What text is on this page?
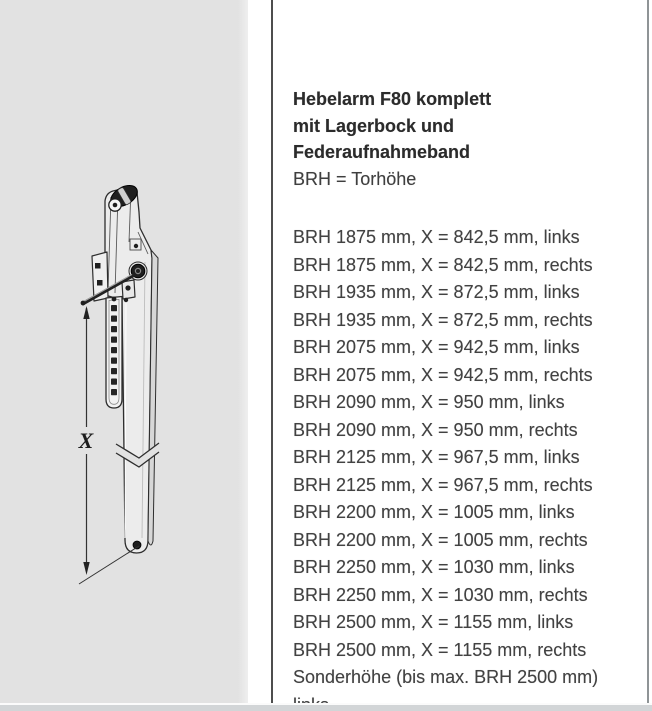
X
Hebelarm F80 komplett
mit Lagerbock und
Federaufnahmeband
BRH = Torhöhe
BRH 1875 mm, X = 842,5 mm, links
BRH 1875 mm, X = 842,5 mm, rechts
BRH 1935 mm, X = 872,5 mm, links
BRH 1935 mm, X = 872,5 mm, rechts
BRH 2075 mm, X = 942,5 mm, links
BRH 2075 mm, X = 942,5 mm, rechts
BRH 2090 mm, X = 950 mm, links
BRH 2090 mm, X = 950 mm, rechts
BRH 2125 mm, X = 967,5 mm, links
BRH 2125 mm, X = 967,5 mm, rechts
BRH 2200 mm, X = 1005 mm, links
BRH 2200 mm, X = 1005 mm, rechts
BRH 2250 mm, X = 1030 mm, links
BRH 2250 mm, X = 1030 mm, rechts
BRH 2500 mm, X = 1155 mm, links
BRH 2500 mm, X = 1155 mm, rechts
Sonderhöhe (bis max. BRH 2500 mm)
